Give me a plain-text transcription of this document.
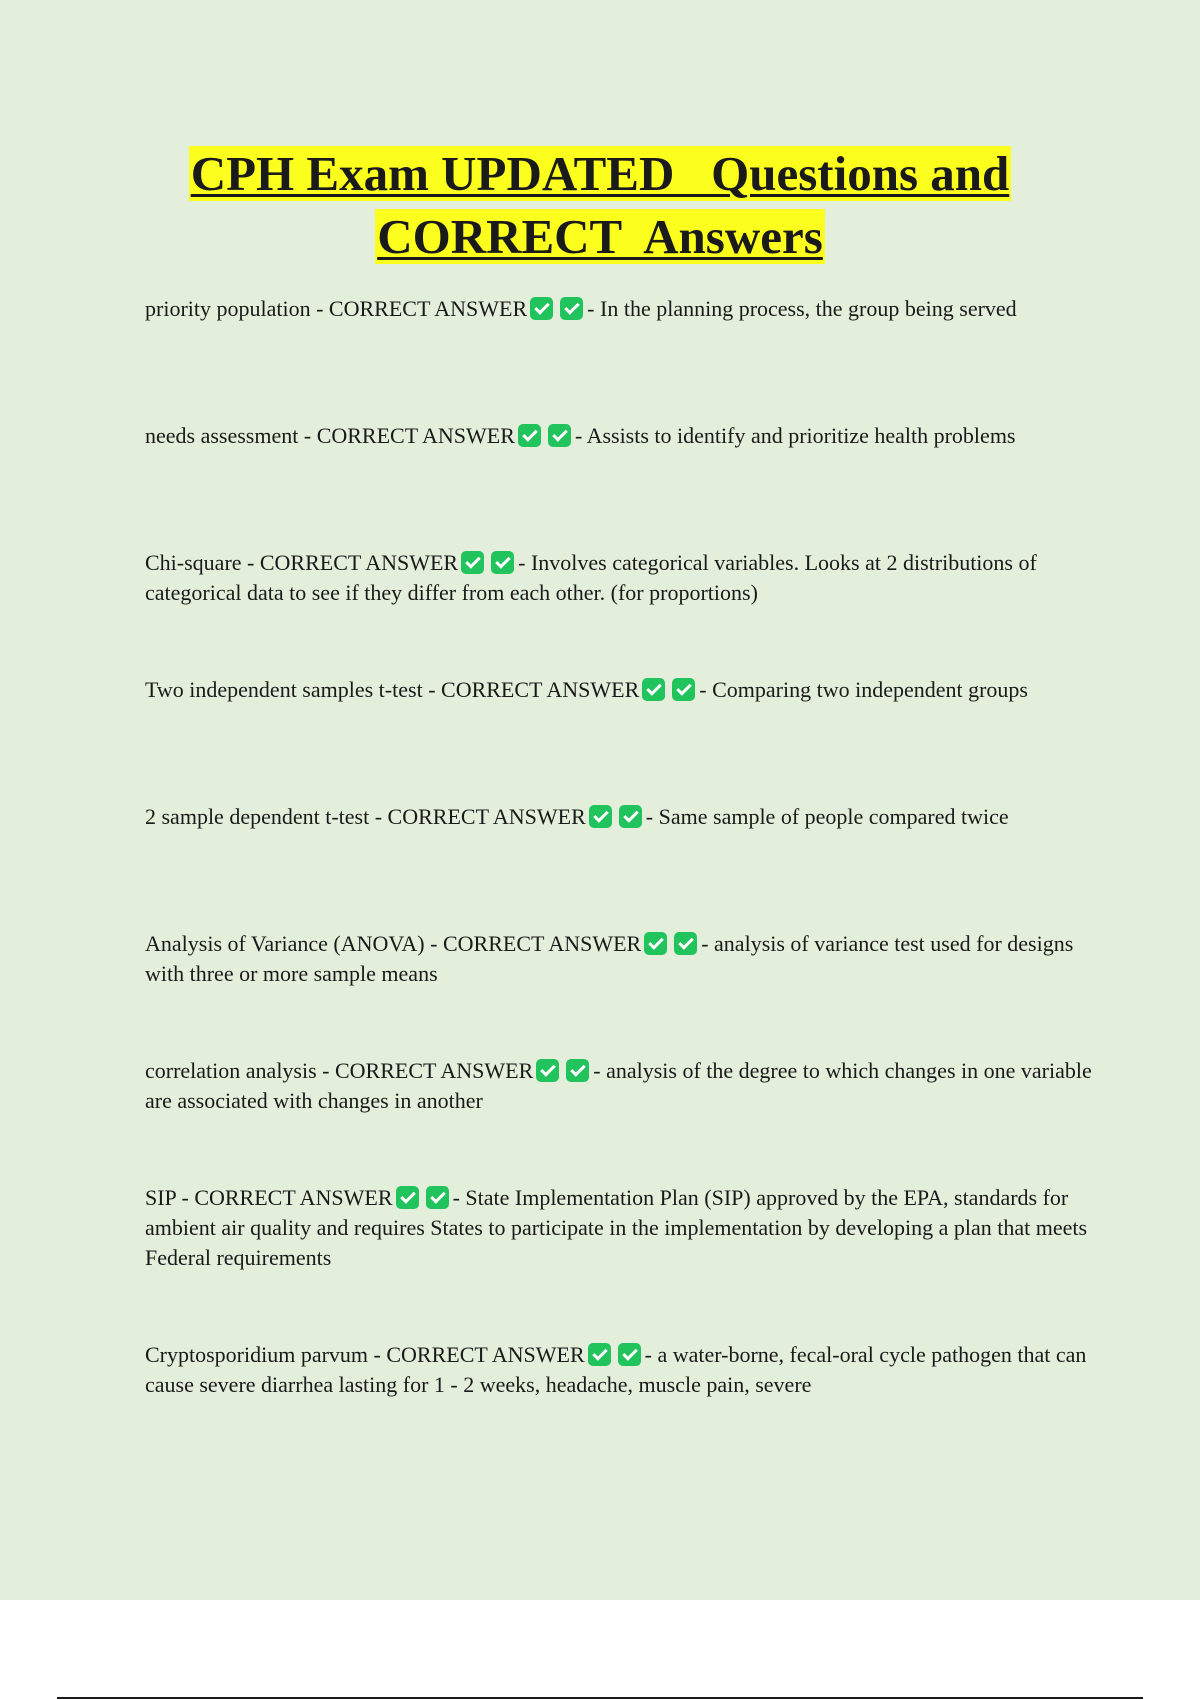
CPH Exam UPDATED   Questions and
CORRECT  Answers
priority population - CORRECT ANSWER	- In the planning process, the group being served
needs assessment - CORRECT ANSWER	- Assists to identify and prioritize health problems
Chi-square - CORRECT ANSWER	- Involves categorical variables. Looks at 2 distributions of categorical data to see if they differ from each other. (for proportions)
Two independent samples t-test - CORRECT ANSWER	- Comparing two independent groups
2 sample dependent t-test - CORRECT ANSWER	- Same sample of people compared twice
Analysis of Variance (ANOVA) - CORRECT ANSWER	- analysis of variance test used for designs with three or more sample means
correlation analysis - CORRECT ANSWER	- analysis of the degree to which changes in one variable are associated with changes in another
SIP - CORRECT ANSWER	- State Implementation Plan (SIP) approved by the EPA, standards for ambient air quality and requires States to participate in the implementation by developing a plan that meets Federal requirements
Cryptosporidium parvum - CORRECT ANSWER	- a water-borne, fecal-oral cycle pathogen that can cause severe diarrhea lasting for 1 - 2 weeks, headache, muscle pain, severe
